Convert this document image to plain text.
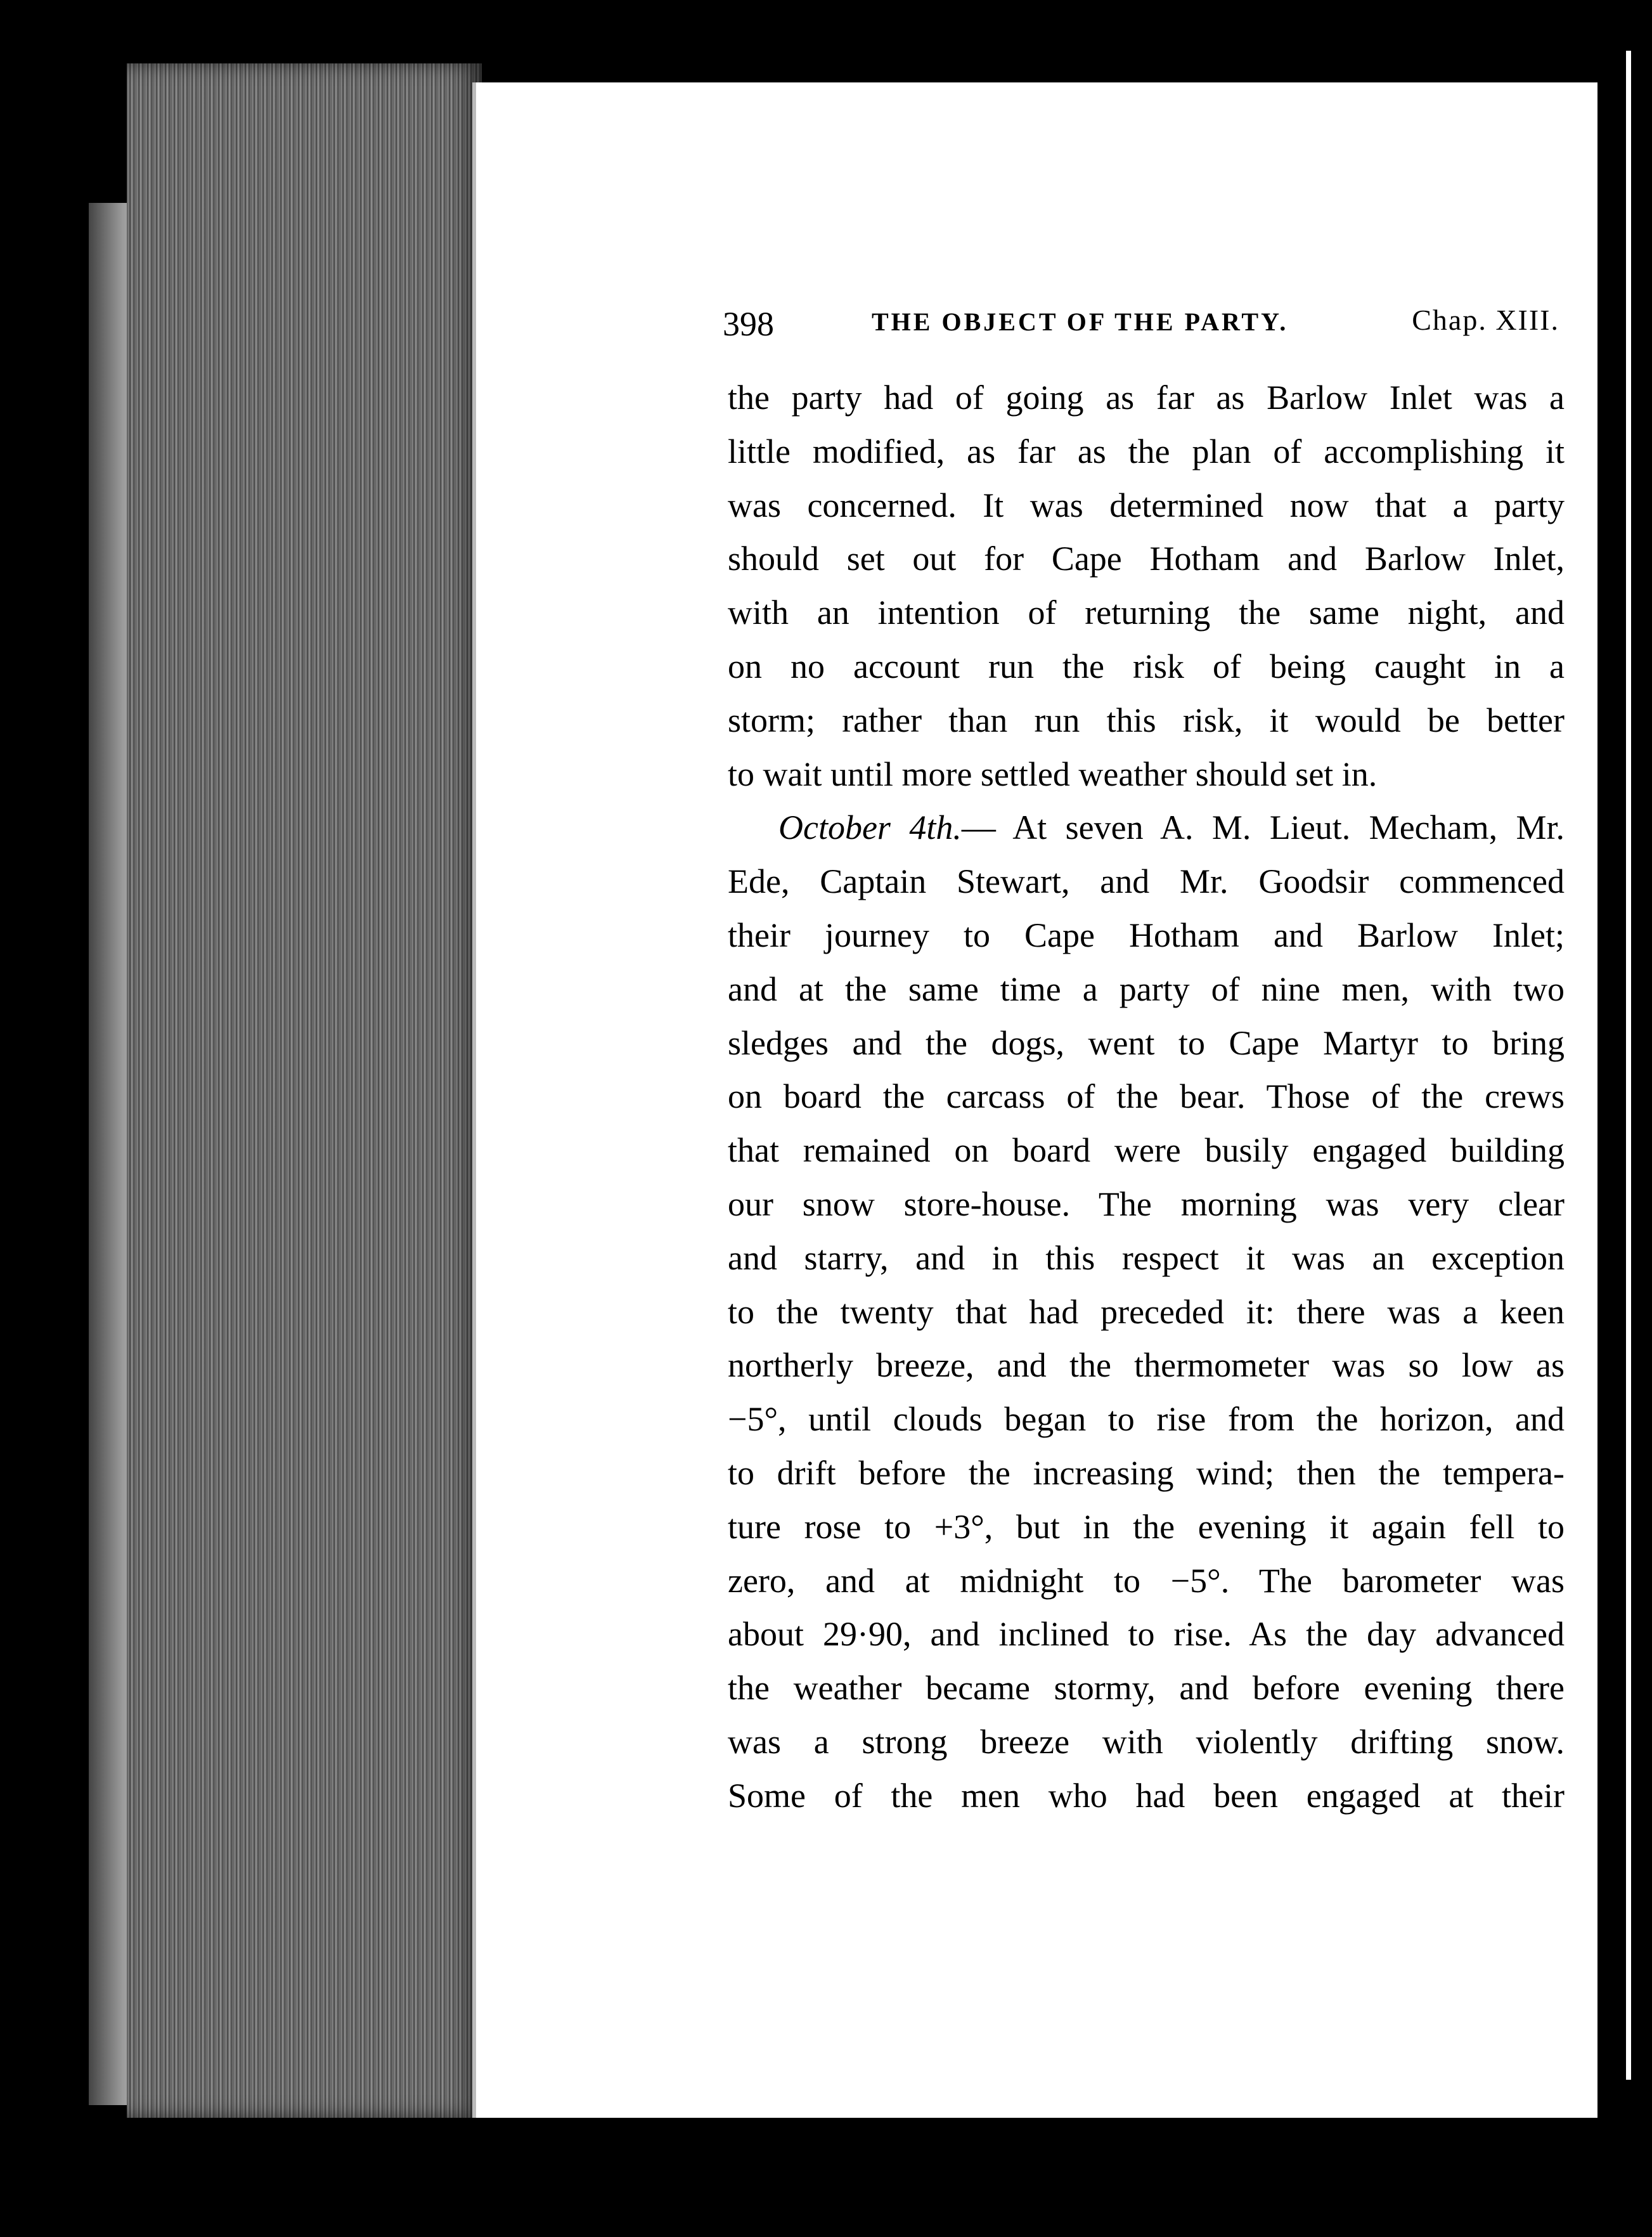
398	THE OBJECT OF THE PARTY.	Chap. XIII.
the party had of going as far as Barlow Inlet was a
little modified, as far as the plan of accomplishing it
was concerned. It was determined now that a party
should set out for Cape Hotham and Barlow Inlet,
with an intention of returning the same night, and
on no account run the risk of being caught in a
storm; rather than run this risk, it would be better
to wait until more settled weather should set in.
October 4th.— At seven A. M. Lieut. Mecham, Mr.
Ede, Captain Stewart, and Mr. Goodsir commenced
their journey to Cape Hotham and Barlow Inlet;
and at the same time a party of nine men, with two
sledges and the dogs, went to Cape Martyr to bring
on board the carcass of the bear. Those of the crews
that remained on board were busily engaged building
our snow store-house. The morning was very clear
and starry, and in this respect it was an exception
to the twenty that had preceded it: there was a keen
northerly breeze, and the thermometer was so low as
−5°, until clouds began to rise from the horizon, and
to drift before the increasing wind; then the tempera-
ture rose to +3°, but in the evening it again fell to
zero, and at midnight to −5°. The barometer was
about 29·90, and inclined to rise. As the day advanced
the weather became stormy, and before evening there
was a strong breeze with violently drifting snow.
Some of the men who had been engaged at their
